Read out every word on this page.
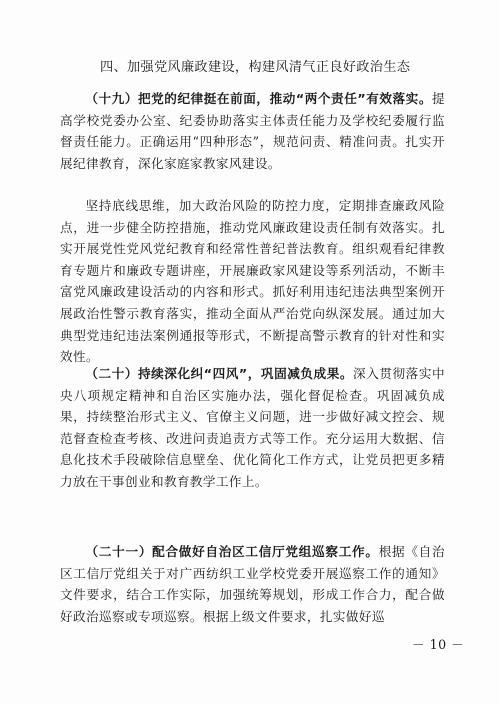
四、加强党风廉政建设，构建风清气正良好政治生态

（十九）把党的纪律挺在前面，推动“两个责任”有效落实。提高学校党委办公室、纪委协助落实主体责任能力及学校纪委履行监督责任能力。正确运用“四种形态”，规范问责、精准问责。扎实开展纪律教育，深化家庭家教家风建设。

坚持底线思维，加大政治风险的防控力度，定期排查廉政风险点，进一步健全防控措施，推动党风廉政建设责任制有效落实。扎实开展党性党风党纪教育和经常性普纪普法教育。组织观看纪律教育专题片和廉政专题讲座，开展廉政家风建设等系列活动，不断丰富党风廉政建设活动的内容和形式。抓好利用违纪违法典型案例开展政治性警示教育落实，推动全面从严治党向纵深发展。通过加大典型党违纪违法案例通报等形式，不断提高警示教育的针对性和实效性。

（二十）持续深化纠“四风”，巩固减负成果。深入贯彻落实中央八项规定精神和自治区实施办法，强化督促检查。巩固减负成果，持续整治形式主义、官僚主义问题，进一步做好减文控会、规范督查检查考核、改进问责追责方式等工作。充分运用大数据、信息化技术手段破除信息壁垒、优化简化工作方式，让党员把更多精力放在干事创业和教育教学工作上。

（二十一）配合做好自治区工信厅党组巡察工作。根据《自治区工信厅党组关于对广西纺织工业学校党委开展巡察工作的通知》文件要求，结合工作实际，加强统筹规划，形成工作合力，配合做好政治巡察或专项巡察。根据上级文件要求，扎实做好巡

－ 10 －
